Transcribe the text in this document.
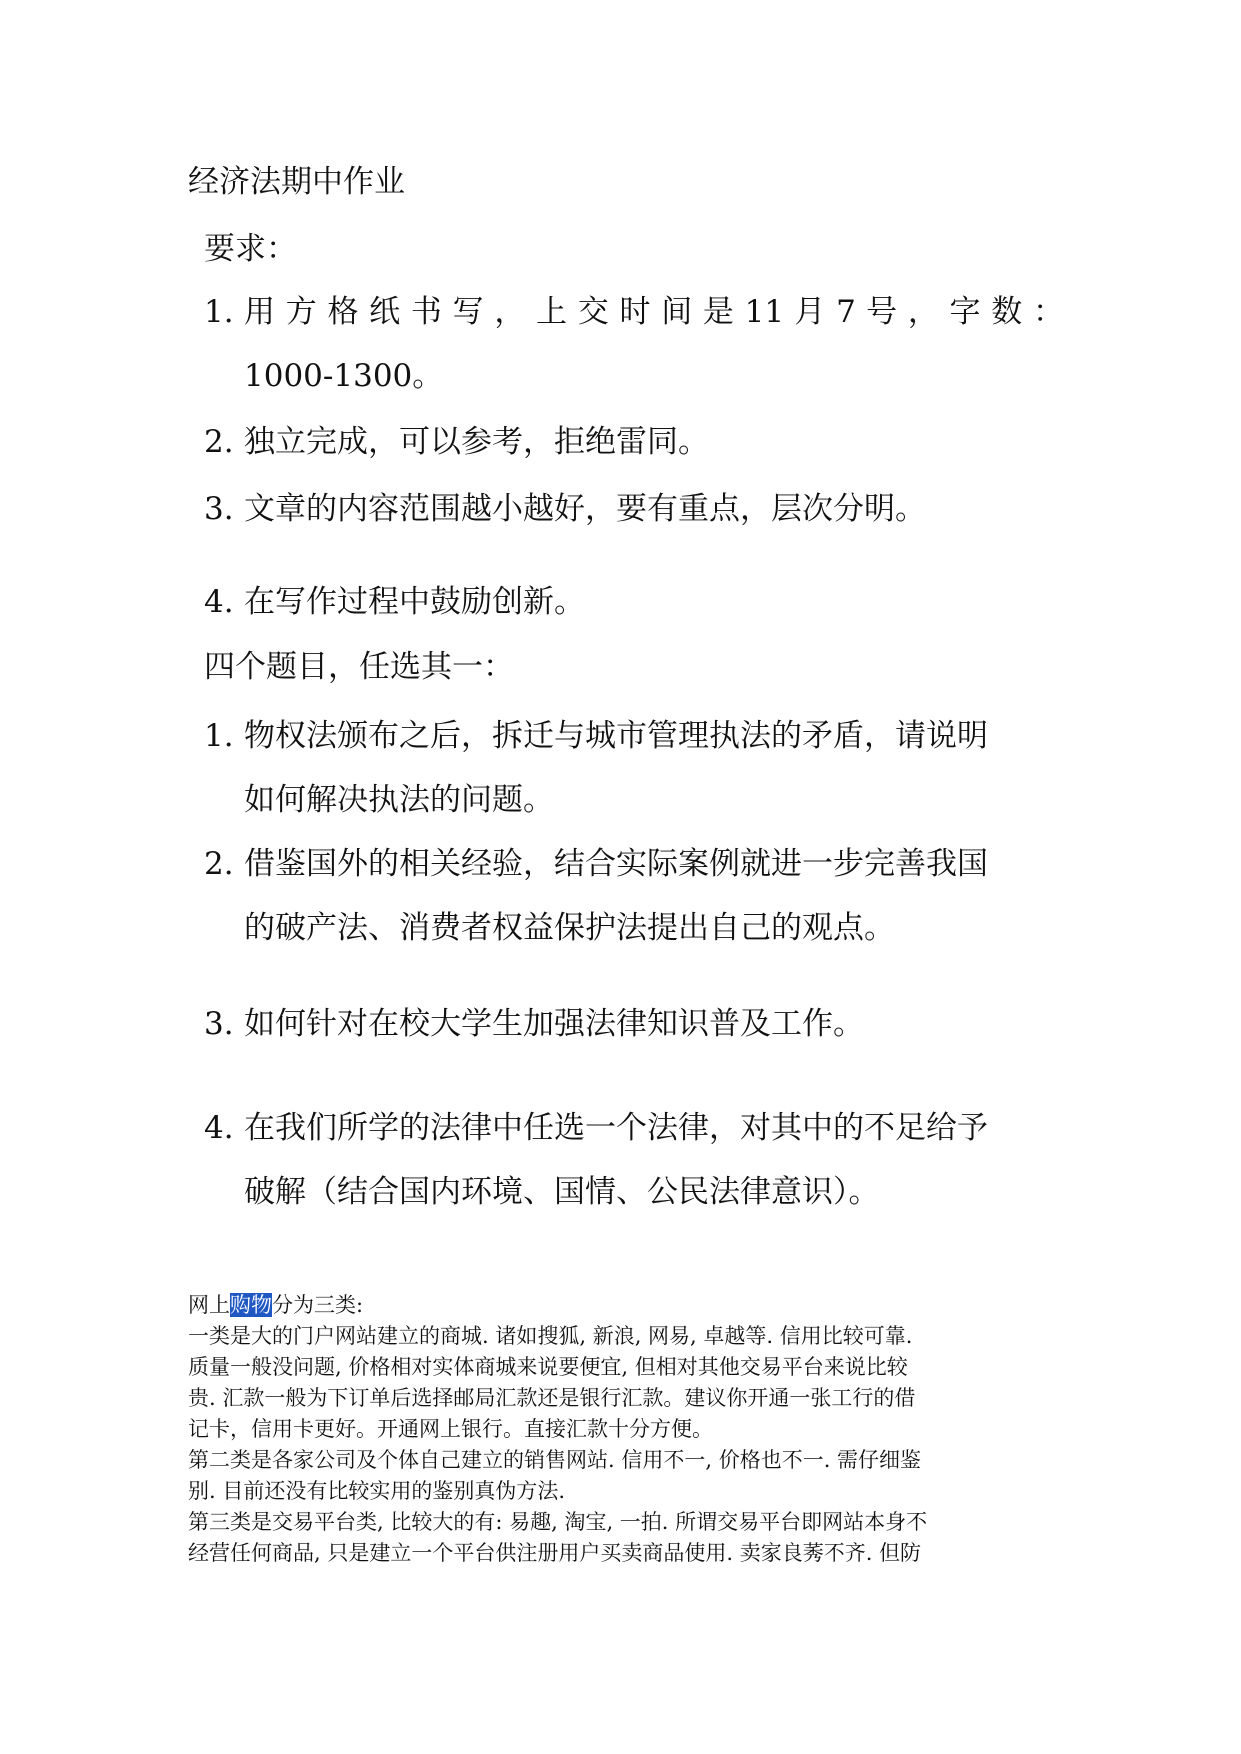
经济法期中作业
要求：
1. 用 方 格 纸 书 写 ， 上 交 时 间 是 11 月 7 号 ， 字 数 ：
1000-1300。
2. 独立完成，可以参考，拒绝雷同。
3. 文章的内容范围越小越好，要有重点，层次分明。
4. 在写作过程中鼓励创新。
四个题目，任选其一：
1. 物权法颁布之后，拆迁与城市管理执法的矛盾，请说明
如何解决执法的问题。
2. 借鉴国外的相关经验，结合实际案例就进一步完善我国
的破产法、消费者权益保护法提出自己的观点。
3. 如何针对在校大学生加强法律知识普及工作。
4. 在我们所学的法律中任选一个法律，对其中的不足给予
破解（结合国内环境、国情、公民法律意识）。
网上购物分为三类:
一类是大的门户网站建立的商城. 诸如搜狐, 新浪, 网易, 卓越等. 信用比较可靠.
质量一般没问题, 价格相对实体商城来说要便宜, 但相对其他交易平台来说比较
贵. 汇款一般为下订单后选择邮局汇款还是银行汇款。建议你开通一张工行的借
记卡，信用卡更好。开通网上银行。直接汇款十分方便。
第二类是各家公司及个体自己建立的销售网站. 信用不一, 价格也不一. 需仔细鉴
别. 目前还没有比较实用的鉴别真伪方法.
第三类是交易平台类, 比较大的有: 易趣, 淘宝, 一拍. 所谓交易平台即网站本身不
经营任何商品, 只是建立一个平台供注册用户买卖商品使用. 卖家良莠不齐. 但防
